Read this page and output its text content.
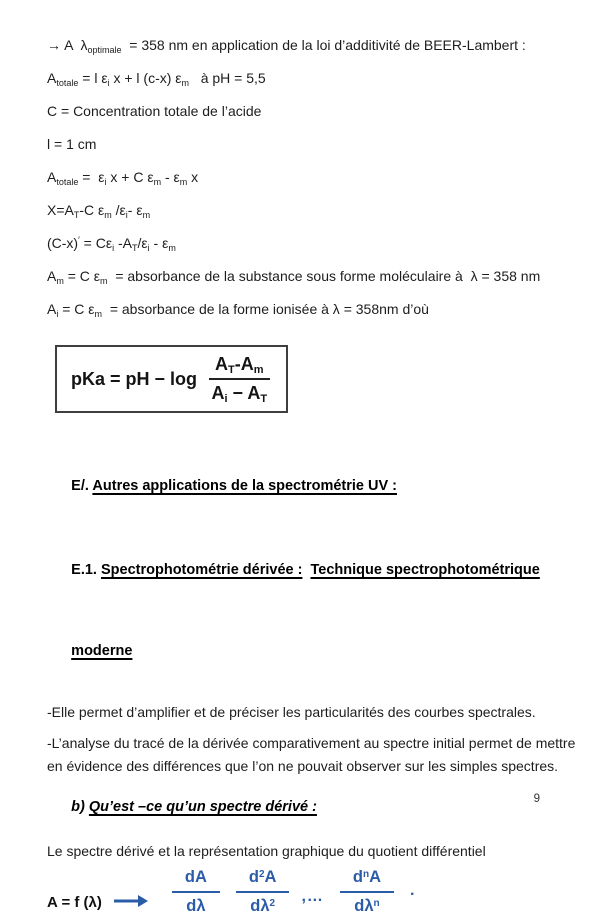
→ A  $\lambda_{optimale} = 358$ nm en application de la loi d’additivité de BEER-Lambert :
$A_{totale} = l$ $\varepsilon_i$ x + l (c-x) $\varepsilon_m$   à pH = 5,5
C = Concentration totale de l’acide
l = 1 cm
$A_{totale} = \varepsilon_i$ x + C $\varepsilon_m - \varepsilon_m$ x
$X=A_T-C$ $\varepsilon_m$ $/\varepsilon_i-$ $\varepsilon_m$
$(C-x)' = C\varepsilon_i$ $-A_T/\varepsilon_i - \varepsilon_m$
$A_m = C$ $\varepsilon_m$  = absorbance de la substance sous forme moléculaire à  λ = 358 nm
$A_i = C$ $\varepsilon_m$  = absorbance de la forme ionisée à λ = 358nm d’où
pKa = pH − $\log \frac{A_T-A_m}{A_i - A_T}$

E/. Autres applications de la spectrométrie UV :

E.1. Spectrophotométrie dérivée : Technique spectrophotométrique

moderne

-Elle permet d’amplifier et de préciser les particularités des courbes spectrales.

-L’analyse du tracé de la dérivée comparativement au spectre initial permet de mettre en évidence des différences que l’on ne pouvait observer sur les simples spectres.

b) Qu’est –ce qu’un spectre dérivé :

Le spectre dérivé et la représentation graphique du quotient différentiel

A = f (λ)	$\frac{dA}{d\lambda} \frac{d^2A}{d\lambda^2}$ ,… $\frac{d^nA}{d\lambda^n}$ .
9
